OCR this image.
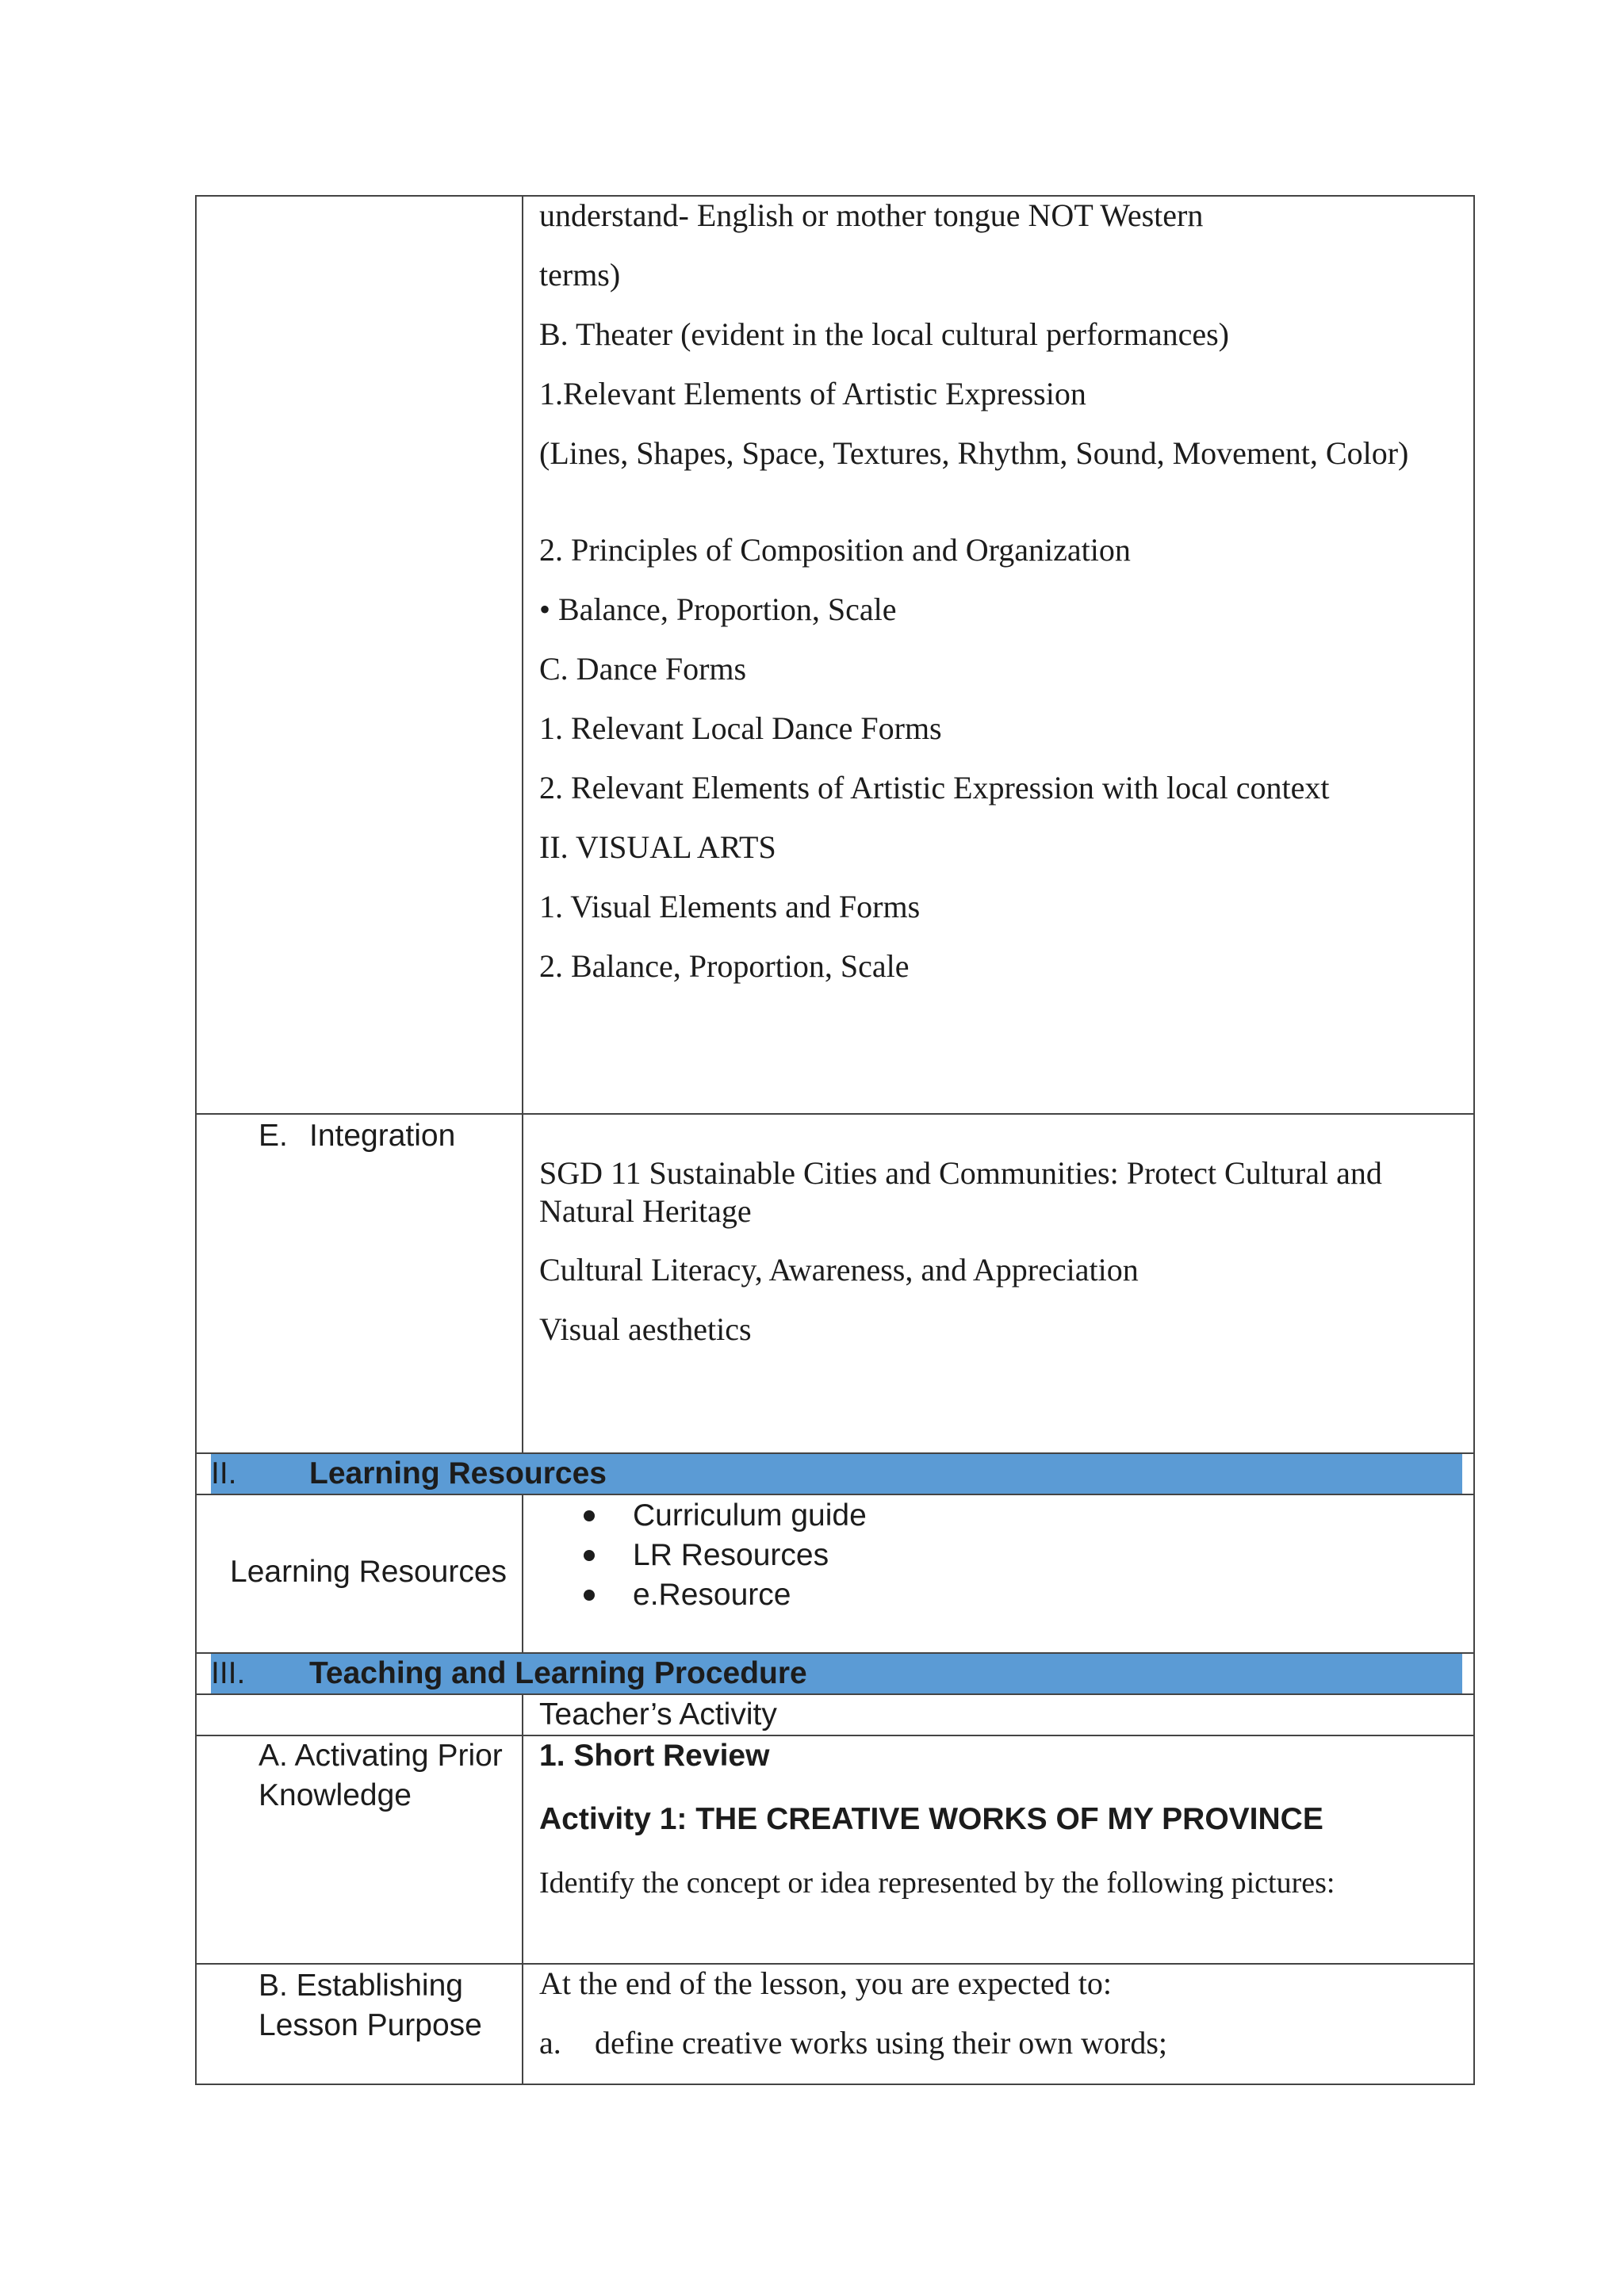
understand- English or mother tongue NOT Western
terms)
B. Theater (evident in the local cultural performances)
1.Relevant Elements of Artistic Expression
(Lines, Shapes, Space, Textures, Rhythm, Sound, Movement, Color)
2. Principles of Composition and Organization
• Balance, Proportion, Scale
C. Dance Forms
1. Relevant Local Dance Forms
2. Relevant Elements of Artistic Expression with local context
II. VISUAL ARTS
1. Visual Elements and Forms
2. Balance, Proportion, Scale
E. Integration
SGD 11 Sustainable Cities and Communities: Protect Cultural and Natural Heritage
Cultural Literacy, Awareness, and Appreciation
Visual aesthetics
II. Learning Resources
Learning Resources
Curriculum guide
LR Resources
e.Resource
III. Teaching and Learning Procedure
Teacher’s Activity
A. Activating Prior Knowledge
1. Short Review
Activity 1: THE CREATIVE WORKS OF MY PROVINCE
Identify the concept or idea represented by the following pictures:
B. Establishing Lesson Purpose
At the end of the lesson, you are expected to:
a. define creative works using their own words;
